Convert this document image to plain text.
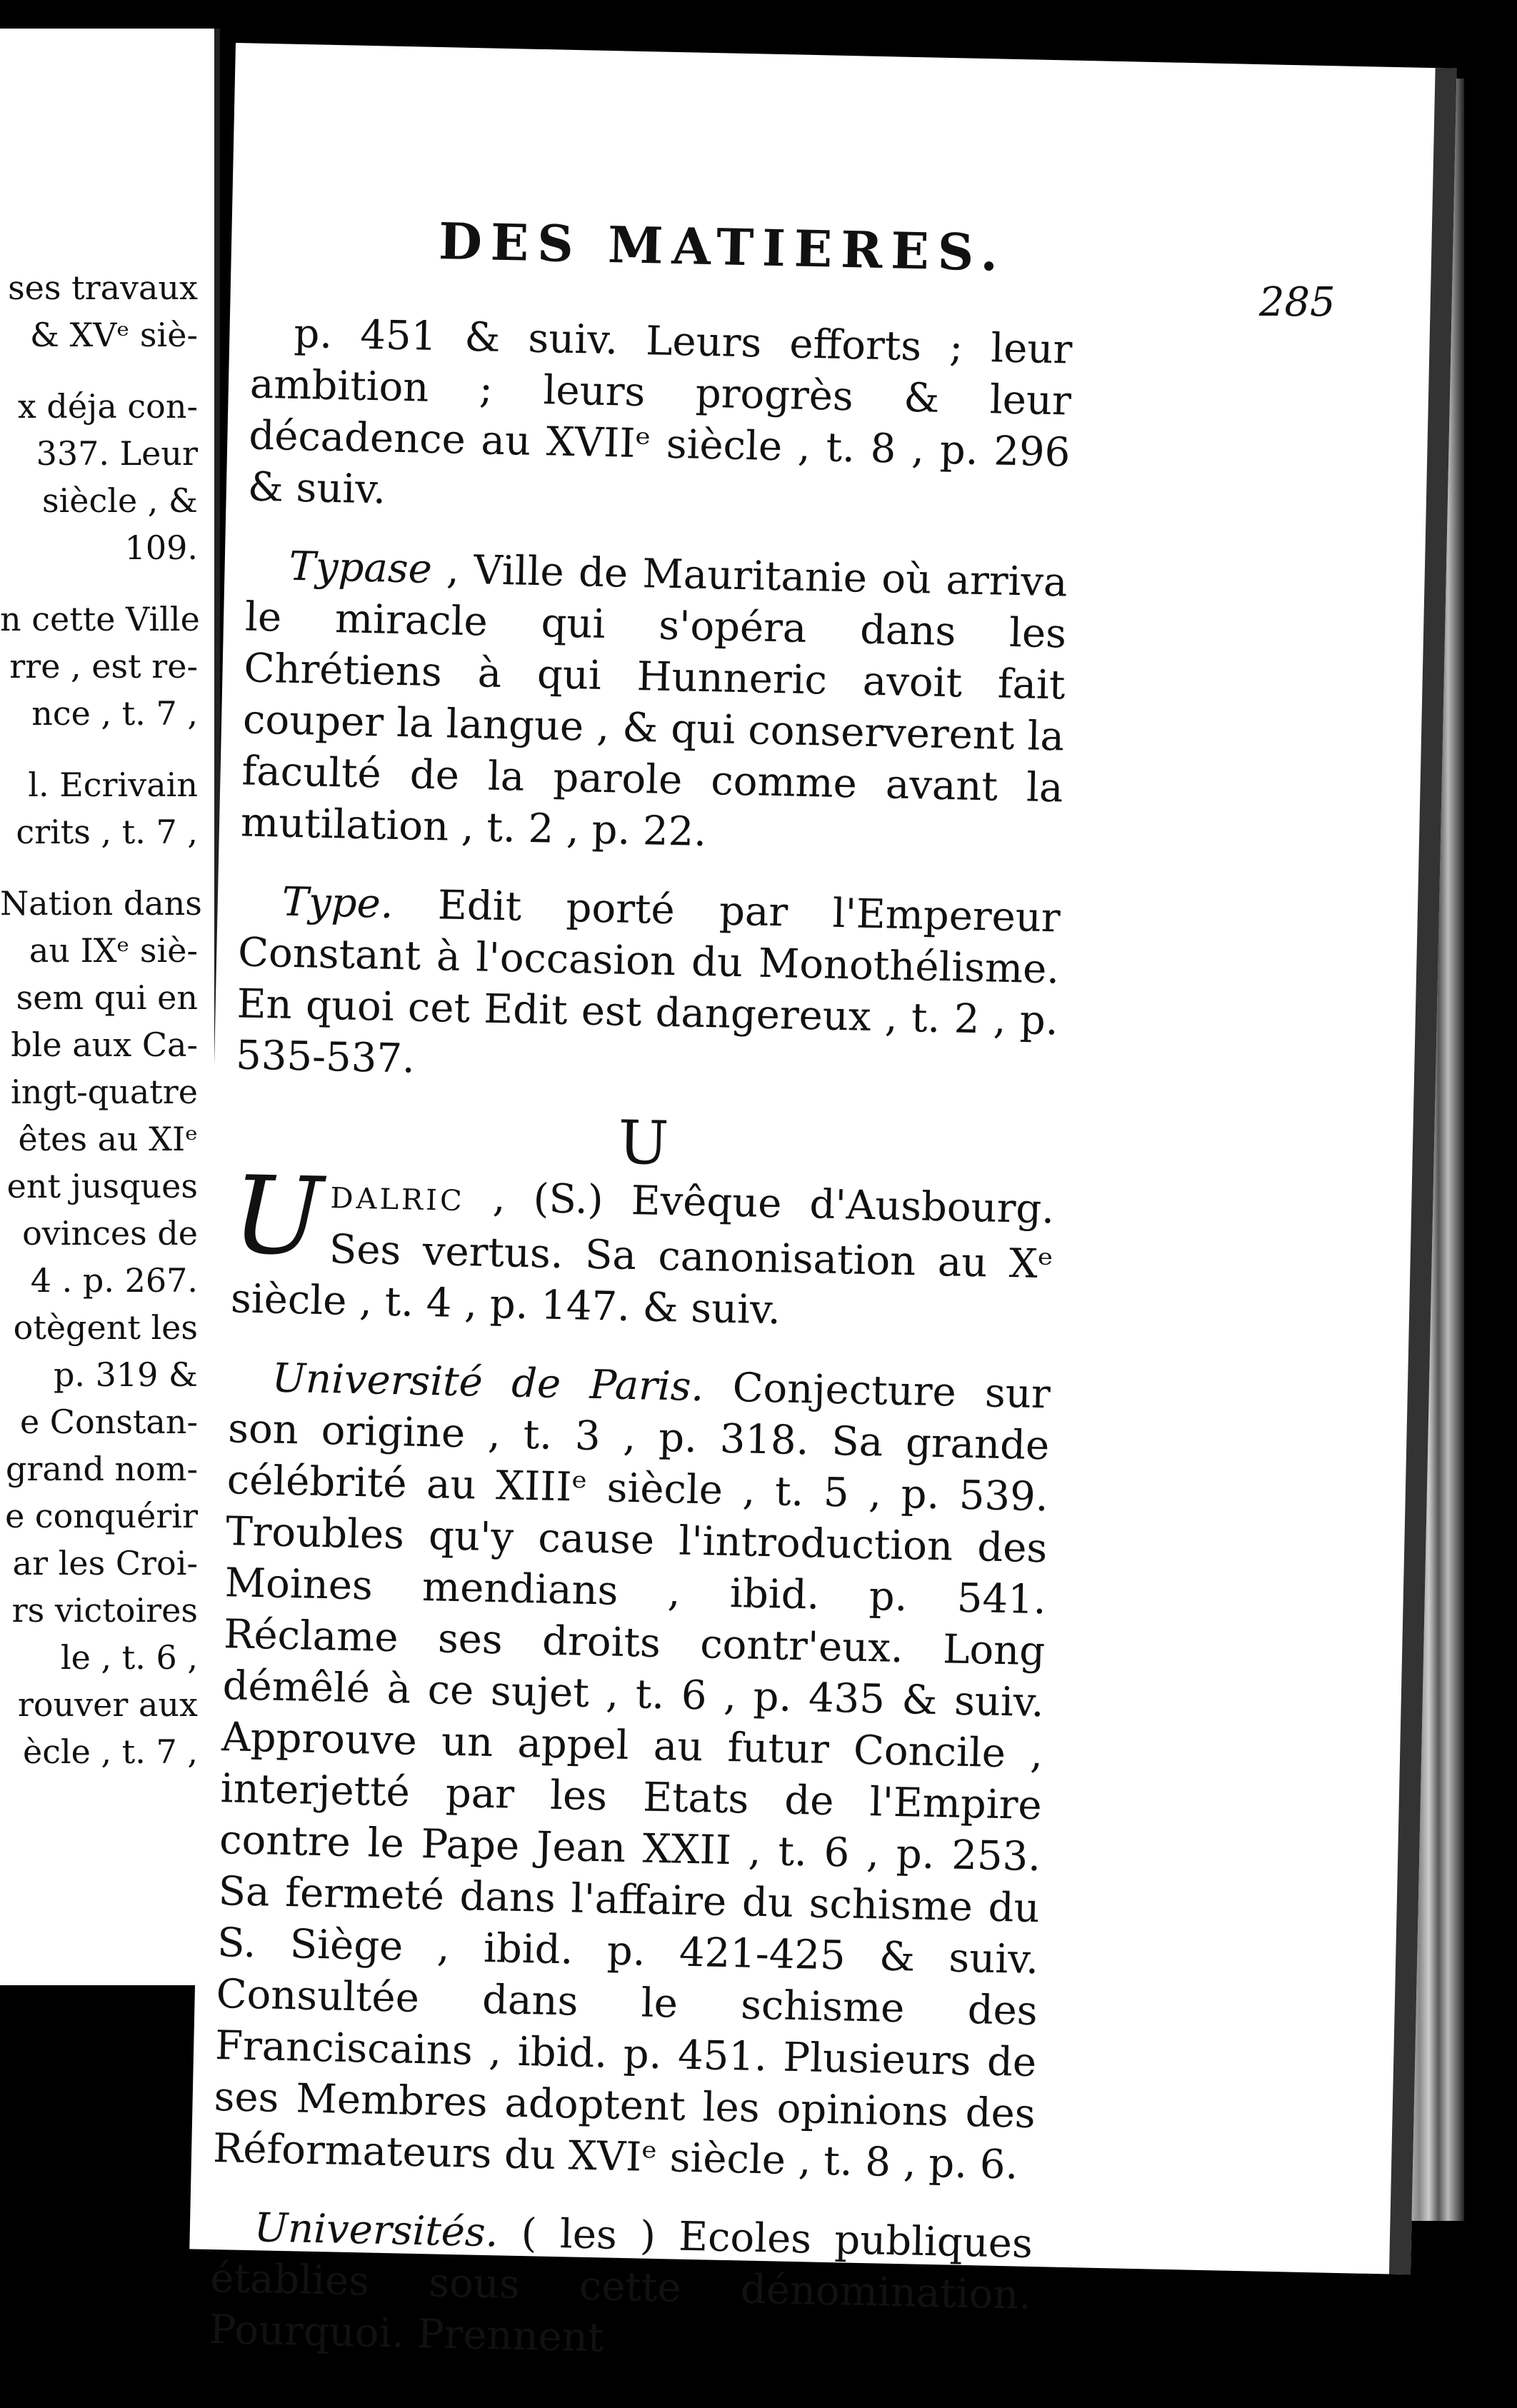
ses travaux
& XVᵉ siè-
x déja con-
337. Leur
siècle , &
109.
n cette Ville
rre , est re-
nce , t. 7 ,
l. Ecrivain
crits , t. 7 ,
Nation dans
au IXᵉ siè-
sem qui en
ble aux Ca-
ingt-quatre
êtes au XIᵉ
ent jusques
ovinces de
4 . p. 267.
otègent les
p. 319 &
e Constan-
grand nom-
e conquérir
ar les Croi-
rs victoires
le , t. 6 ,
rouver aux
ècle , t. 7 ,
DES MATIERES.
285

p. 451 & suiv. Leurs efforts ; leur ambition ; leurs progrès & leur décadence au XVIIᵉ siècle , t. 8 , p. 296 & suiv.

Typase , Ville de Mauritanie où arriva le miracle qui s'opéra dans les Chrétiens à qui Hunneric avoit fait couper la langue , & qui conserverent la faculté de la parole comme avant la mutilation , t. 2 , p. 22.

Type. Edit porté par l'Empereur Constant à l'occasion du Monothélisme. En quoi cet Edit est dangereux , t. 2 , p. 535-537.

U

UDALRIC , (S.) Evêque d'Ausbourg. Ses vertus. Sa canonisation au Xᵉ siècle , t. 4 , p. 147. & suiv.

Université de Paris. Conjecture sur son origine , t. 3 , p. 318. Sa grande célébrité au XIIIᵉ siècle , t. 5 , p. 539. Troubles qu'y cause l'introduction des Moines mendians , ibid. p. 541. Réclame ses droits contr'eux. Long démêlé à ce sujet , t. 6 , p. 435 & suiv. Approuve un appel au futur Concile , interjetté par les Etats de l'Empire contre le Pape Jean XXII , t. 6 , p. 253. Sa fermeté dans l'affaire du schisme du S. Siège , ibid. p. 421-425 & suiv. Consultée dans le schisme des Franciscains , ibid. p. 451. Plusieurs de ses Membres adoptent les opinions des Réformateurs du XVIᵉ siècle , t. 8 , p. 6.

Universités. ( les ) Ecoles publiques établies sous cette dénomination. Pourquoi. Prennent
